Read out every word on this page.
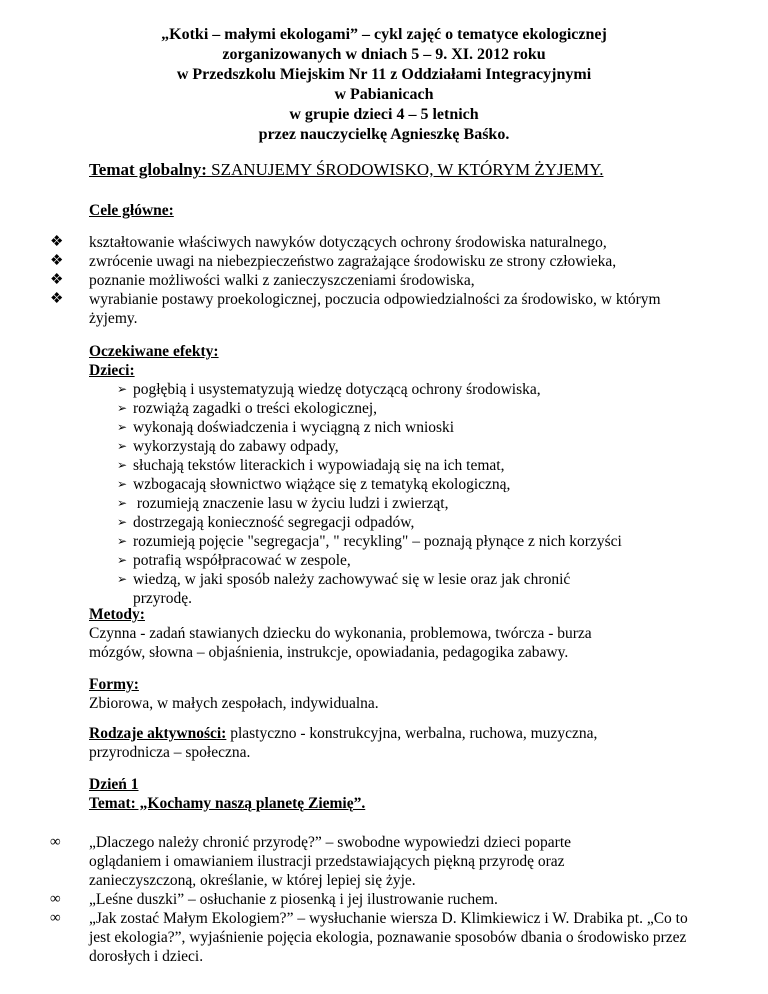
„Kotki – małymi ekologami” – cykl zajęć o tematyce ekologicznej
zorganizowanych w dniach 5 – 9. XI. 2012 roku
w Przedszkolu Miejskim Nr 11 z Oddziałami Integracyjnymi
w Pabianicach
w grupie dzieci 4 – 5 letnich
przez nauczycielkę Agnieszkę Baśko.
Temat globalny: SZANUJEMY ŚRODOWISKO, W KTÓRYM ŻYJEMY.
Cele główne:
❖ kształtowanie właściwych nawyków dotyczących ochrony środowiska naturalnego,
❖ zwrócenie uwagi na niebezpieczeństwo zagrażające środowisku ze strony człowieka,
❖ poznanie możliwości walki z zanieczyszczeniami środowiska,
❖ wyrabianie postawy proekologicznej, poczucia odpowiedzialności za środowisko, w którym żyjemy.
Oczekiwane efekty:
Dzieci:
➢ pogłębią i usystematyzują wiedzę dotyczącą ochrony środowiska,
➢ rozwiążą zagadki o treści ekologicznej,
➢ wykonają doświadczenia i wyciągną z nich wnioski
➢ wykorzystają do zabawy odpady,
➢ słuchają tekstów literackich i wypowiadają się na ich temat,
➢ wzbogacają słownictwo wiążące się z tematyką ekologiczną,
➢ rozumieją znaczenie lasu w życiu ludzi i zwierząt,
➢ dostrzegają konieczność segregacji odpadów,
➢ rozumieją pojęcie "segregacja", " recykling" – poznają płynące z nich korzyści
➢ potrafią współpracować w zespole,
➢ wiedzą, w jaki sposób należy zachowywać się w lesie oraz jak chronić przyrodę.
Metody:

Czynna - zadań stawianych dziecku do wykonania, problemowa, twórcza - burza mózgów, słowna – objaśnienia, instrukcje, opowiadania, pedagogika zabawy.

Formy:

Zbiorowa, w małych zespołach, indywidualna.

Rodzaje aktywności: plastyczno - konstrukcyjna, werbalna, ruchowa, muzyczna, przyrodnicza – społeczna.

Dzień 1
Temat: „Kochamy naszą planetę Ziemię”.
∞ „Dlaczego należy chronić przyrodę?” – swobodne wypowiedzi dzieci poparte oglądaniem i omawianiem ilustracji przedstawiających piękną przyrodę oraz zanieczyszczoną, określanie, w której lepiej się żyje.
∞ „Leśne duszki” – osłuchanie z piosenką i jej ilustrowanie ruchem.
∞ „Jak zostać Małym Ekologiem?” – wysłuchanie wiersza D. Klimkiewicz i W. Drabika pt. „Co to jest ekologia?”, wyjaśnienie pojęcia ekologia, poznawanie sposobów dbania o środowisko przez dorosłych i dzieci.
